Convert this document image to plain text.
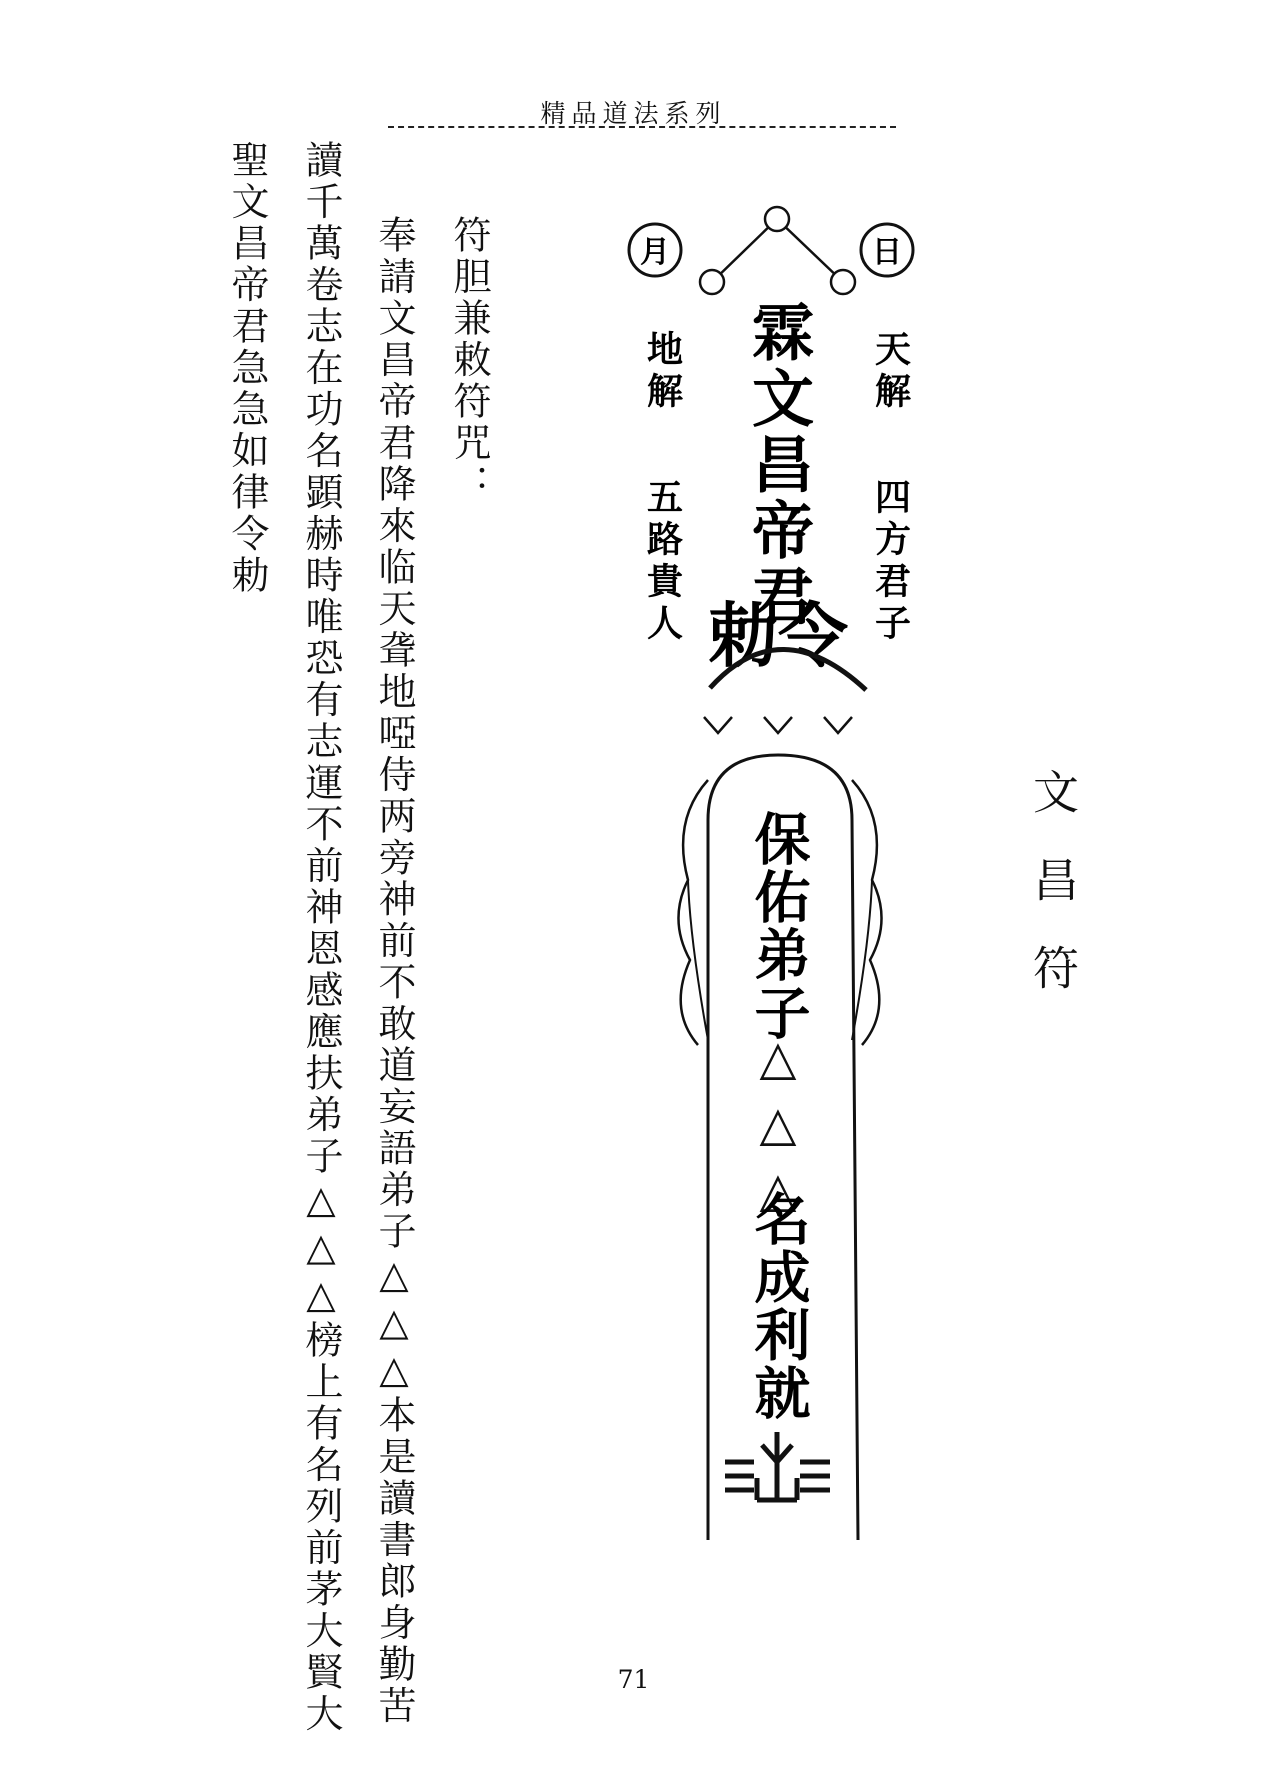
精品道法系列
符胆兼敕符咒：
奉請文昌帝君降來临天聋地啞侍两旁神前不敢道妄語弟子△△△本是讀書郎身勤苦
讀千萬卷志在功名顕赫時唯恐有志運不前神恩感應扶弟子△△△榜上有名列前茅大賢大
聖文昌帝君急急如律令勅	月	日
霖文昌帝君
勅令
地解
五路貴人
天解
四方君子
保佑弟子
△△△
名成利就
文昌符
71
